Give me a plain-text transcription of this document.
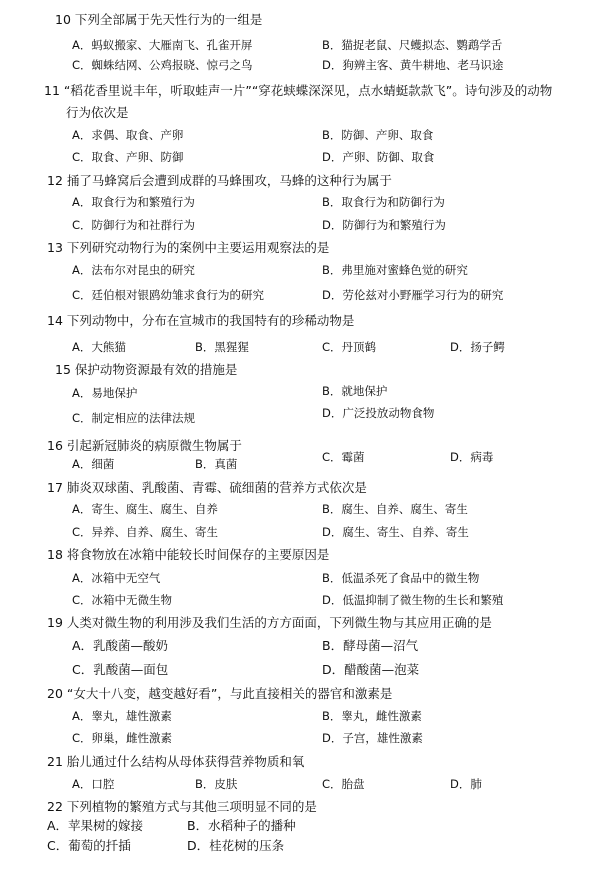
10 下列全部属于先天性行为的一组是
A．蚂蚁搬家、大雁南飞、孔雀开屏	B．猫捉老鼠、尺蠖拟态、鹦鹉学舌
C．蜘蛛结网、公鸡报晓、惊弓之鸟	D．狗辨主客、黄牛耕地、老马识途
11 “稻花香里说丰年，听取蛙声一片”“穿花蛱蝶深深见，点水蜻蜓款款飞”。诗句涉及的动物
行为依次是
A．求偶、取食、产卵	B．防御、产卵、取食
C．取食、产卵、防御	D．产卵、防御、取食
12 捅了马蜂窝后会遭到成群的马蜂围攻，马蜂的这种行为属于
A．取食行为和繁殖行为	B．取食行为和防御行为
C．防御行为和社群行为	D．防御行为和繁殖行为
13 下列研究动物行为的案例中主要运用观察法的是
A．法布尔对昆虫的研究	B．弗里施对蜜蜂色觉的研究
C．廷伯根对银鸥幼雏求食行为的研究	D．劳伦兹对小野雁学习行为的研究
14 下列动物中，分布在宣城市的我国特有的珍稀动物是
A．大熊猫	B．黑猩猩	C．丹顶鹤	D．扬子鳄
15 保护动物资源最有效的措施是
A．易地保护	B．就地保护
C．制定相应的法律法规	D．广泛投放动物食物
16 引起新冠肺炎的病原微生物属于
A．细菌	B．真菌	C．霉菌	D．病毒
17 肺炎双球菌、乳酸菌、青霉、硫细菌的营养方式依次是
A．寄生、腐生、腐生、自养	B．腐生、自养、腐生、寄生
C．异养、自养、腐生、寄生	D．腐生、寄生、自养、寄生
18 将食物放在冰箱中能较长时间保存的主要原因是
A．冰箱中无空气	B．低温杀死了食品中的微生物
C．冰箱中无微生物	D．低温抑制了微生物的生长和繁殖
19 人类对微生物的利用涉及我们生活的方方面面，下列微生物与其应用正确的是
A．乳酸菌—酸奶	B．酵母菌—沼气
C．乳酸菌—面包	D．醋酸菌—泡菜
20 “女大十八变，越变越好看”，与此直接相关的器官和激素是
A．睾丸，雄性激素	B．睾丸，雌性激素
C．卵巢，雌性激素	D．子宫，雄性激素
21 胎儿通过什么结构从母体获得营养物质和氧
A．口腔	B．皮肤	C．胎盘	D．肺
22 下列植物的繁殖方式与其他三项明显不同的是
A．苹果树的嫁接	B．水稻种子的播种
C．葡萄的扦插	D．桂花树的压条
